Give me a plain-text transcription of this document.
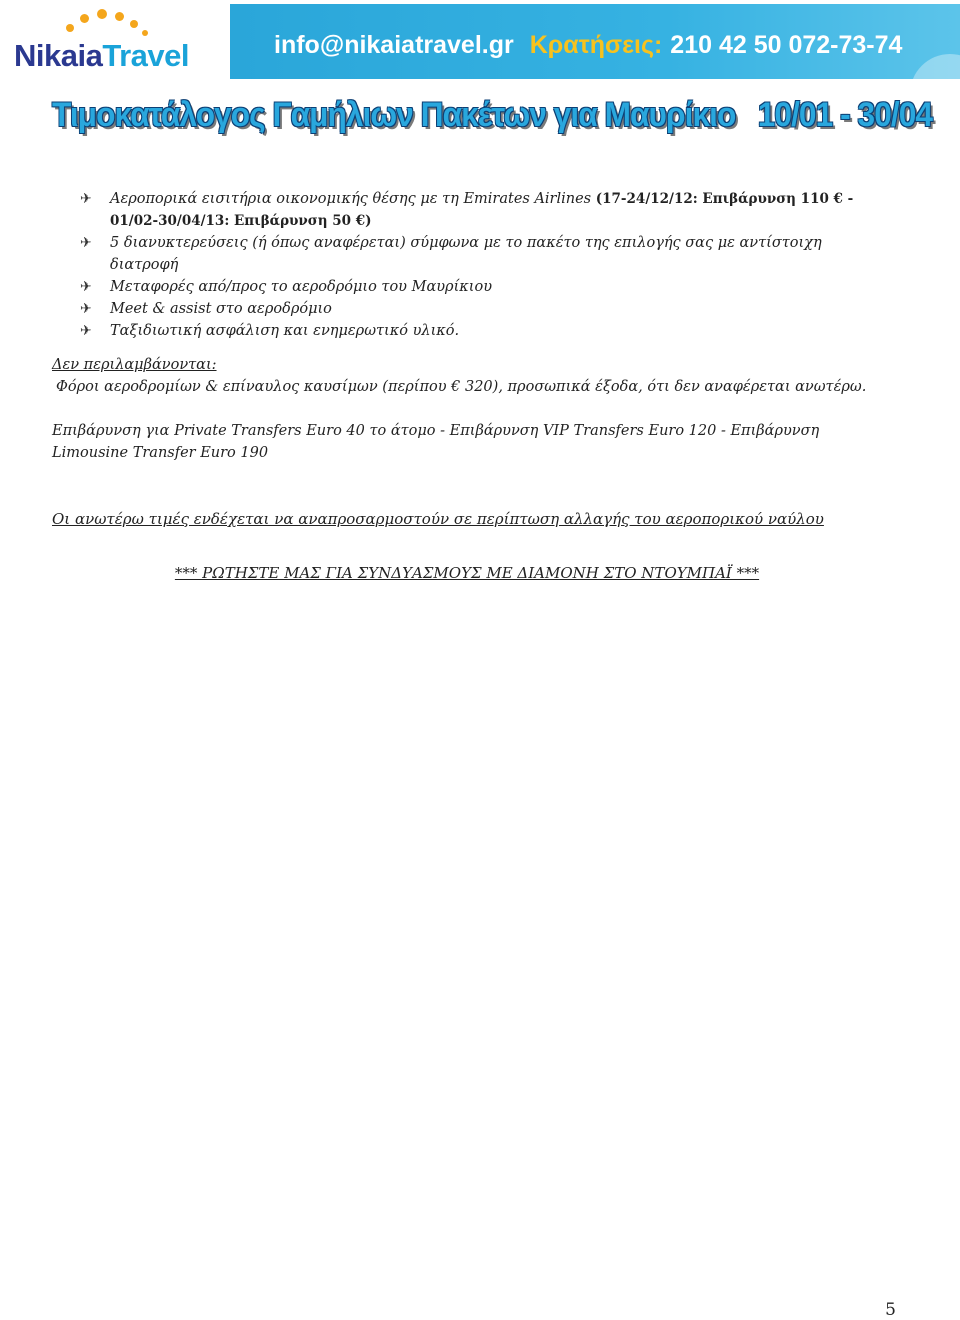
NikaiaTravel	info@nikaiatravel.gr Κρατήσεις: 210 42 50 072-73-74
Τιμοκατάλογος Γαμήλιων Πακέτων για Μαυρίκιο 10/01 - 30/04
✈ Αεροπορικά εισιτήρια οικονομικής θέσης με τη Emirates Airlines (17-24/12/12: Επιβάρυνση 110 € - 01/02-30/04/13: Επιβάρυνση 50 €)
✈ 5 διανυκτερεύσεις (ή όπως αναφέρεται) σύμφωνα με το πακέτο της επιλογής σας με αντίστοιχη διατροφή
✈ Μεταφορές από/προς το αεροδρόμιο του Μαυρίκιου
✈ Meet & assist στο αεροδρόμιο
✈ Ταξιδιωτική ασφάλιση και ενημερωτικό υλικό.
Δεν περιλαμβάνονται:
Φόροι αεροδρομίων & επίναυλος καυσίμων (περίπου € 320), προσωπικά έξοδα, ότι δεν αναφέρεται ανωτέρω.
Επιβάρυνση για Private Transfers Euro 40 το άτομο - Επιβάρυνση VIP Transfers Euro 120 - Επιβάρυνση Limousine Transfer Euro 190
Οι ανωτέρω τιμές ενδέχεται να αναπροσαρμοστούν σε περίπτωση αλλαγής του αεροπορικού ναύλου
*** ΡΩΤΗΣΤΕ ΜΑΣ ΓΙΑ ΣΥΝΔΥΑΣΜΟΥΣ ΜΕ ΔΙΑΜΟΝΗ ΣΤΟ ΝΤΟΥΜΠΑΪ ***
5
